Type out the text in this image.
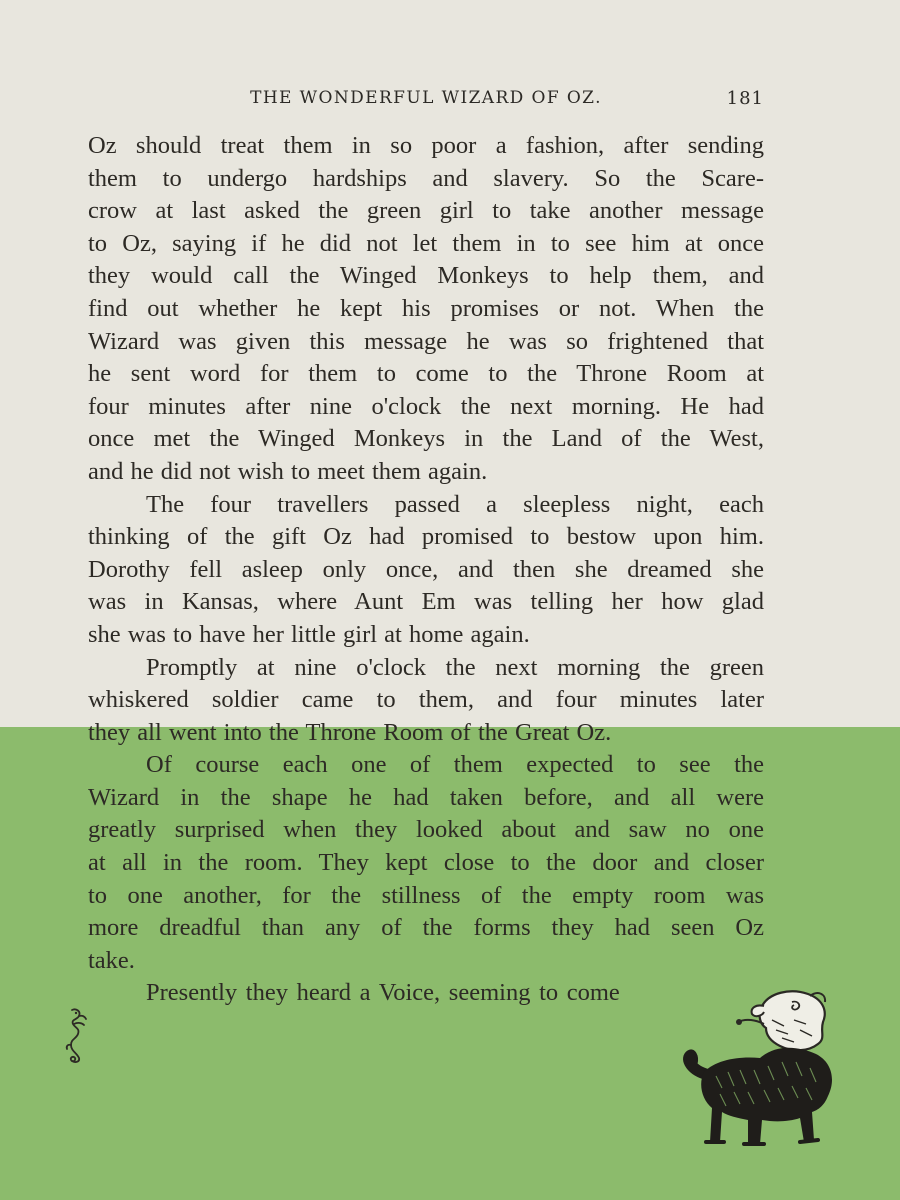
THE WONDERFUL WIZARD OF OZ.	181
Oz should treat them in so poor a fashion, after sending
them to undergo hardships and slavery. So the Scare-
crow at last asked the green girl to take another message
to Oz, saying if he did not let them in to see him at once
they would call the Winged Monkeys to help them, and
find out whether he kept his promises or not. When the
Wizard was given this message he was so frightened that
he sent word for them to come to the Throne Room at
four minutes after nine o'clock the next morning. He had
once met the Winged Monkeys in the Land of the West,
and he did not wish to meet them again.
The four travellers passed a sleepless night, each
thinking of the gift Oz had promised to bestow upon him.
Dorothy fell asleep only once, and then she dreamed she
was in Kansas, where Aunt Em was telling her how glad
she was to have her little girl at home again.
Promptly at nine o'clock the next morning the green
whiskered soldier came to them, and four minutes later
they all went into the Throne Room of the Great Oz.
Of course each one of them expected to see the
Wizard in the shape he had taken before, and all were
greatly surprised when they looked about and saw no one
at all in the room. They kept close to the door and closer
to one another, for the stillness of the empty room was
more dreadful than any of the forms they had seen Oz
take.
Presently they heard a Voice, seeming to come
